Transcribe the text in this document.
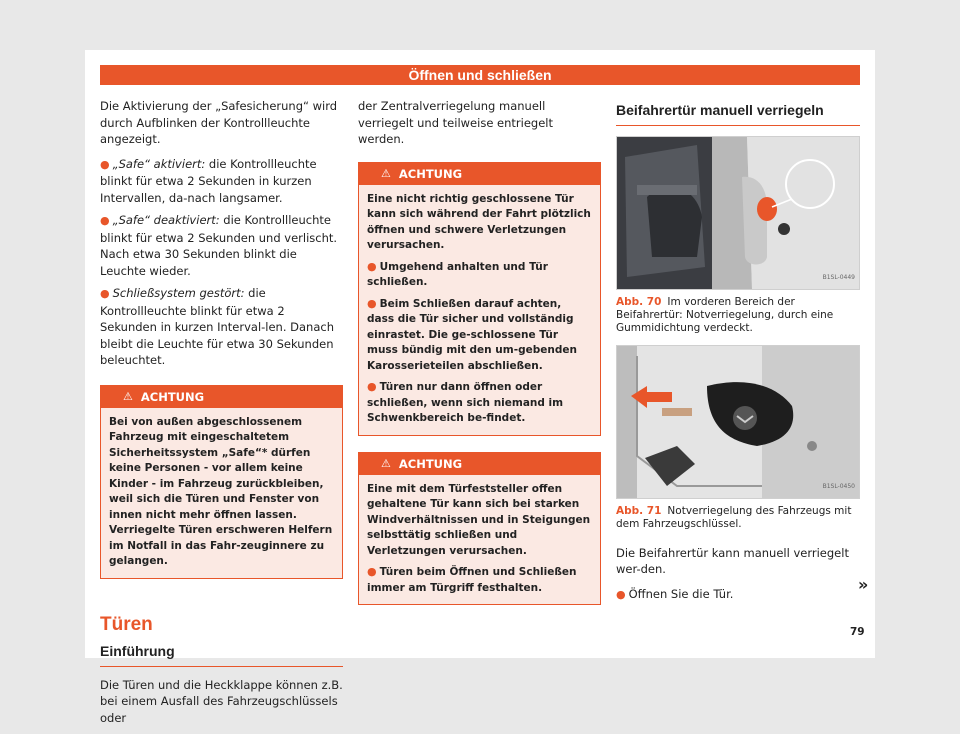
Öffnen und schließen

Die Aktivierung der „Safesicherung“ wird durch Aufblinken der Kontrollleuchte angezeigt.

● „Safe“ aktiviert: die Kontrollleuchte blinkt für etwa 2 Sekunden in kurzen Intervallen, da-nach langsamer.
● „Safe“ deaktiviert: die Kontrollleuchte blinkt für etwa 2 Sekunden und verlischt. Nach etwa 30 Sekunden blinkt die Leuchte wieder.
● Schließsystem gestört: die Kontrollleuchte blinkt für etwa 2 Sekunden in kurzen Interval-len. Danach bleibt die Leuchte für etwa 30 Sekunden beleuchtet.
⚠ ACHTUNG

Bei von außen abgeschlossenem Fahrzeug mit eingeschaltetem Sicherheitssystem „Safe“* dürfen keine Personen - vor allem keine Kinder - im Fahrzeug zurückbleiben, weil sich die Türen und Fenster von innen nicht mehr öffnen lassen. Verriegelte Türen erschweren Helfern im Notfall in das Fahr-zeuginnere zu gelangen.

Türen
Einführung

Die Türen und die Heckklappe können z.B. bei einem Ausfall des Fahrzeugschlüssels oder

der Zentralverriegelung manuell verriegelt und teilweise entriegelt werden.

⚠ ACHTUNG

Eine nicht richtig geschlossene Tür kann sich während der Fahrt plötzlich öffnen und schwere Verletzungen verursachen.

● Umgehend anhalten und Tür schließen.

● Beim Schließen darauf achten, dass die Tür sicher und vollständig einrastet. Die ge-schlossene Tür muss bündig mit den um-gebenden Karosserieteilen abschließen.

● Türen nur dann öffnen oder schließen, wenn sich niemand im Schwenkbereich be-findet.

⚠ ACHTUNG

Eine mit dem Türfeststeller offen gehaltene Tür kann sich bei starken Windverhältnissen und in Steigungen selbsttätig schließen und Verletzungen verursachen.

● Türen beim Öffnen und Schließen immer am Türgriff festhalten.

Beifahrertür manuell verriegeln
B1SL-0449
Abb. 70 Im vorderen Bereich der Beifahrertür: Notverriegelung, durch eine Gummidichtung verdeckt.
B1SL-0450
Abb. 71 Notverriegelung des Fahrzeugs mit dem Fahrzeugschlüssel.

Die Beifahrertür kann manuell verriegelt wer-den.

● Öffnen Sie die Tür.	»
79
